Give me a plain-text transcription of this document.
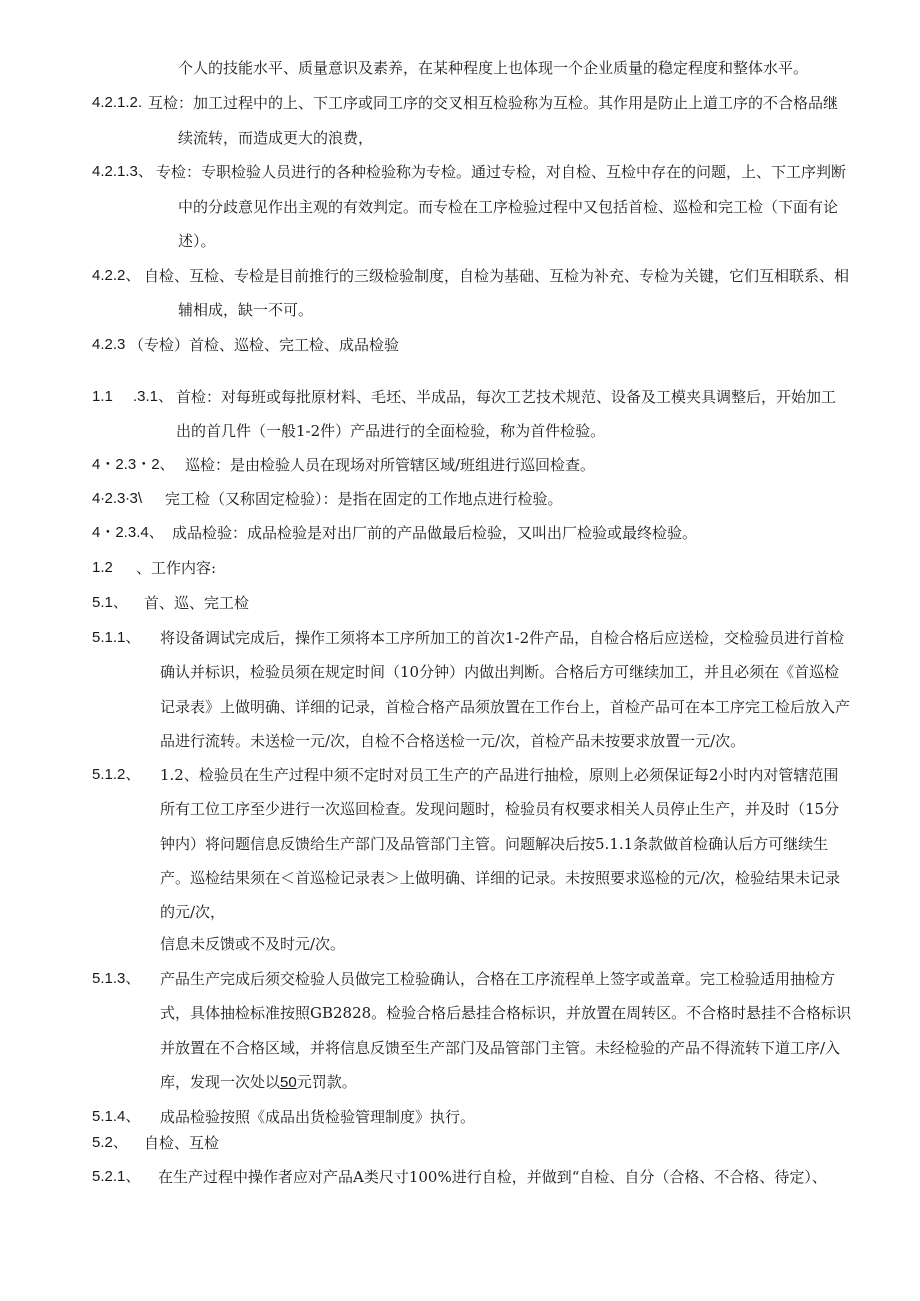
个人的技能水平、质量意识及素养，在某种程度上也体现一个企业质量的稳定程度和整体水平。
4.2.1.2. 互检：加工过程中的上、下工序或同工序的交叉相互检验称为互检。其作用是防止上道工序的不合格品继
续流转，而造成更大的浪费，
4.2.1.3、 专检：专职检验人员进行的各种检验称为专检。通过专检，对自检、互检中存在的问题，上、下工序判断
中的分歧意见作出主观的有效判定。而专检在工序检验过程中又包括首检、巡检和完工检（下面有论
述）。
4.2.2、 自检、互检、专检是目前推行的三级检验制度，自检为基础、互检为补充、专检为关键，它们互相联系、相
辅相成，缺一不可。
4.2.3 （专检）首检、巡检、完工检、成品检验
1.1 .3.1、 首检：对每班或每批原材料、毛坯、半成品，每次工艺技术规范、设备及工模夹具调整后，开始加工
出的首几件（一般1-2件）产品进行的全面检验，称为首件检验。
4・2.3・2、 巡检：是由检验人员在现场对所管辖区域/班组进行巡回检查。
4∙2.3∙3\ 完工检（又称固定检验）：是指在固定的工作地点进行检验。
4・2.3.4、 成品检验：成品检验是对出厂前的产品做最后检验，又叫出厂检验或最终检验。
1.2 、工作内容:
5.1、 首、巡、完工检
5.1.1、 将设备调试完成后，操作工须将本工序所加工的首次1-2件产品，自检合格后应送检，交检验员进行首检
确认并标识，检验员须在规定时间（10分钟）内做出判断。合格后方可继续加工，并且必须在《首巡检
记录表》上做明确、详细的记录，首检合格产品须放置在工作台上，首检产品可在本工序完工检后放入产
品进行流转。未送检一元/次，自检不合格送检一元/次，首检产品未按要求放置一元/次。
5.1.2、 1.2、检验员在生产过程中须不定时对员工生产的产品进行抽检，原则上必须保证每2小时内对管辖范围
所有工位工序至少进行一次巡回检查。发现问题时，检验员有权要求相关人员停止生产，并及时（15分
钟内）将问题信息反馈给生产部门及品管部门主管。问题解决后按5.1.1条款做首检确认后方可继续生
产。巡检结果须在＜首巡检记录表＞上做明确、详细的记录。未按照要求巡检的元/次，检验结果未记录
的元/次，
信息未反馈或不及时元/次。
5.1.3、 产品生产完成后须交检验人员做完工检验确认，合格在工序流程单上签字或盖章。完工检验适用抽检方
式，具体抽检标准按照GB2828。检验合格后悬挂合格标识，并放置在周转区。不合格时悬挂不合格标识
并放置在不合格区域，并将信息反馈至生产部门及品管部门主管。未经检验的产品不得流转下道工序/入
库，发现一次处以50元罚款。
5.1.4、 成品检验按照《成品出货检验管理制度》执行。
5.2、 自检、互检
5.2.1、 在生产过程中操作者应对产品A类尺寸100%进行自检，并做到“自检、自分（合格、不合格、待定）、
